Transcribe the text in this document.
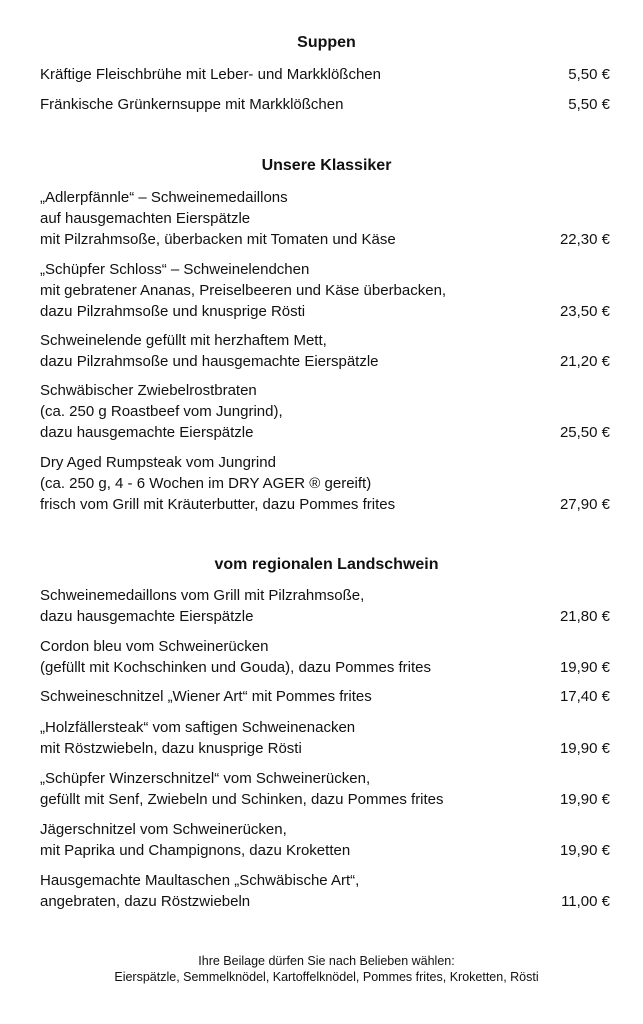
Suppen
Kräftige Fleischbrühe mit Leber- und Markklößchen	5,50 €
Fränkische Grünkernsuppe mit Markklößchen	5,50 €
Unsere Klassiker
„Adlerpfännle“ – Schweinemedaillons
auf hausgemachten Eierspätzle
mit Pilzrahmsoße, überbacken mit Tomaten und Käse	22,30 €
„Schüpfer Schloss“ – Schweinelendchen
mit gebratener Ananas, Preiselbeeren und Käse überbacken,
dazu Pilzrahmsoße und knusprige Rösti	23,50 €
Schweinelende gefüllt mit herzhaftem Mett,
dazu Pilzrahmsoße und hausgemachte Eierspätzle	21,20 €
Schwäbischer Zwiebelrostbraten
(ca. 250 g Roastbeef vom Jungrind),
dazu hausgemachte Eierspätzle	25,50 €
Dry Aged Rumpsteak vom Jungrind
(ca. 250 g, 4 - 6 Wochen im DRY AGER ® gereift)
frisch vom Grill mit Kräuterbutter, dazu Pommes frites	27,90 €
vom regionalen Landschwein
Schweinemedaillons vom Grill mit Pilzrahmsoße,
dazu hausgemachte Eierspätzle	21,80 €
Cordon bleu vom Schweinerücken
(gefüllt mit Kochschinken und Gouda), dazu Pommes frites	19,90 €
Schweineschnitzel „Wiener Art“ mit Pommes frites	17,40 €
„Holzfällersteak“ vom saftigen Schweinenacken
mit Röstzwiebeln, dazu knusprige Rösti	19,90 €
„Schüpfer Winzerschnitzel“ vom Schweinerücken,
gefüllt mit Senf, Zwiebeln und Schinken, dazu Pommes frites	19,90 €
Jägerschnitzel vom Schweinerücken,
mit Paprika und Champignons, dazu Kroketten	19,90 €
Hausgemachte Maultaschen „Schwäbische Art“,
angebraten, dazu Röstzwiebeln	11,00 €
Ihre Beilage dürfen Sie nach Belieben wählen:
Eierspätzle, Semmelknödel, Kartoffelknödel, Pommes frites, Kroketten, Rösti
